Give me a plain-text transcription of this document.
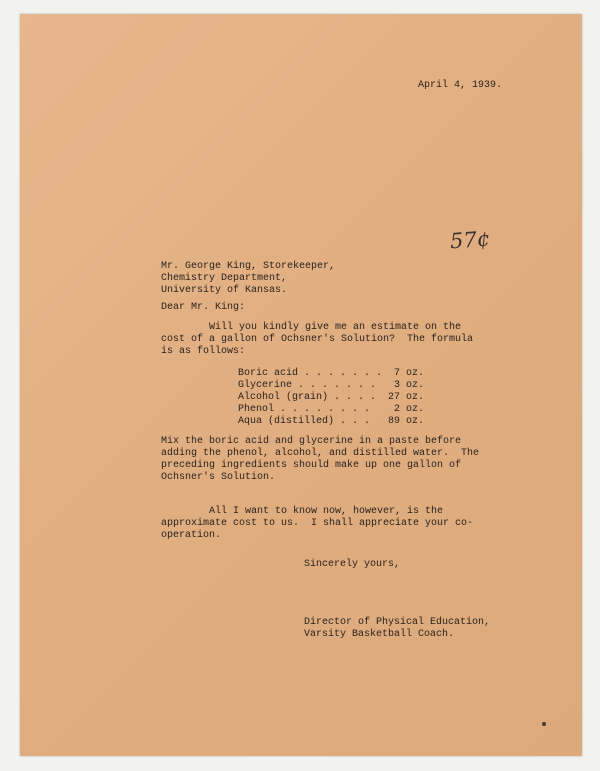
April 4, 1939.
57¢
Mr. George King, Storekeeper,
Chemistry Department,
University of Kansas.
Dear Mr. King:
Will you kindly give me an estimate on the
cost of a gallon of Ochsner's Solution?  The formula
is as follows:
Boric acid . . . . . . .  7 oz.
Glycerine . . . . . . .   3 oz.
Alcohol (grain) . . . .  27 oz.
Phenol . . . . . . . .    2 oz.
Aqua (distilled) . . .   89 oz.
Mix the boric acid and glycerine in a paste before
adding the phenol, alcohol, and distilled water.  The
preceding ingredients should make up one gallon of
Ochsner's Solution.
All I want to know now, however, is the
approximate cost to us.  I shall appreciate your co-
operation.
Sincerely yours,
Director of Physical Education,
Varsity Basketball Coach.
